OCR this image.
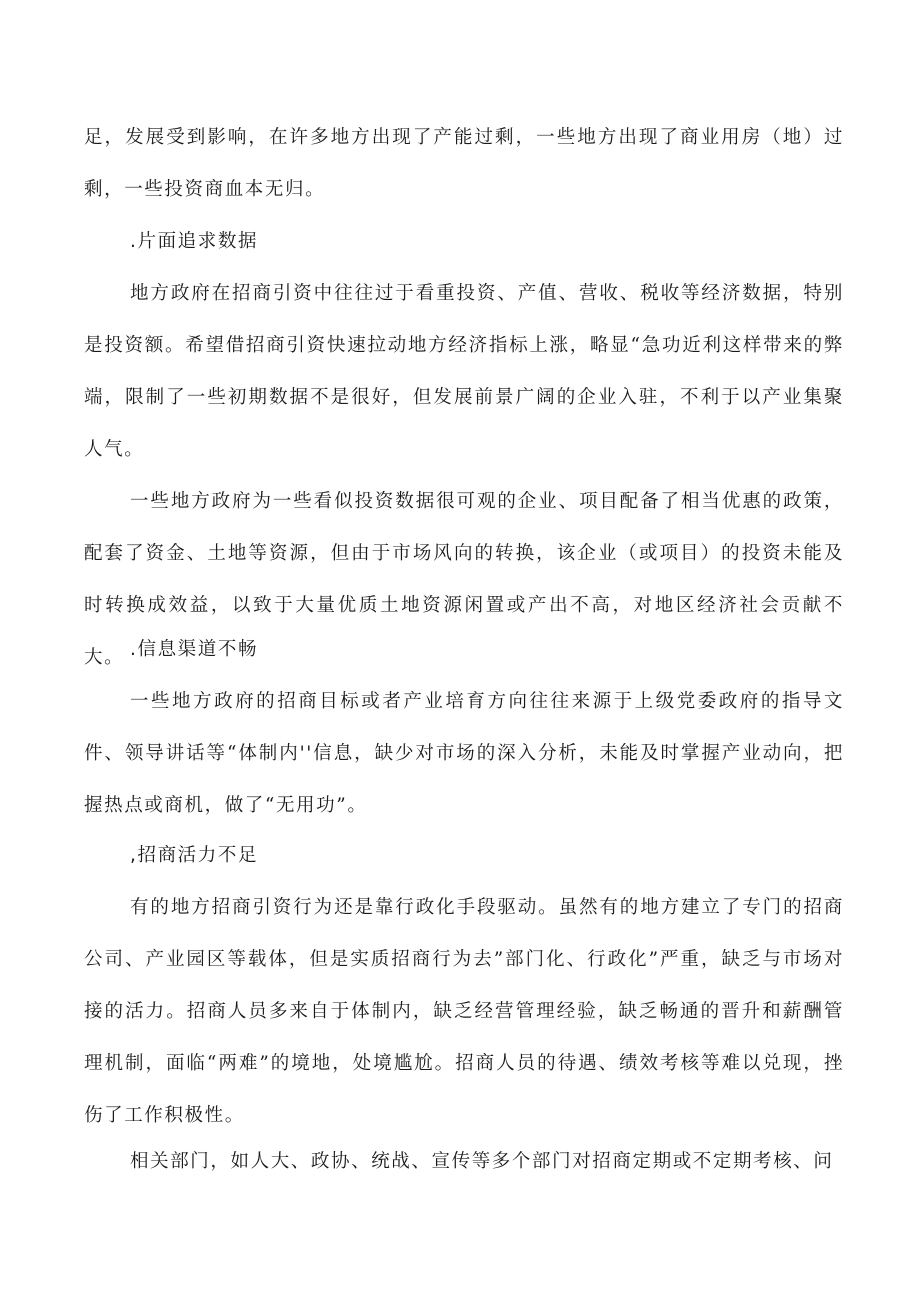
足，发展受到影响，在许多地方出现了产能过剩，一些地方出现了商业用房（地）过剩，一些投资商血本无归。

.片面追求数据

地方政府在招商引资中往往过于看重投资、产值、营收、税收等经济数据，特别是投资额。希望借招商引资快速拉动地方经济指标上涨，略显“急功近利这样带来的弊端，限制了一些初期数据不是很好，但发展前景广阔的企业入驻，不利于以产业集聚人气。

一些地方政府为一些看似投资数据很可观的企业、项目配备了相当优惠的政策，配套了资金、土地等资源，但由于市场风向的转换，该企业（或项目）的投资未能及时转换成效益，以致于大量优质土地资源闲置或产出不高，对地区经济社会贡献不大。 .信息渠道不畅

一些地方政府的招商目标或者产业培育方向往往来源于上级党委政府的指导文件、领导讲话等“体制内''信息，缺少对市场的深入分析，未能及时掌握产业动向，把握热点或商机，做了“无用功”。

,招商活力不足

有的地方招商引资行为还是靠行政化手段驱动。虽然有的地方建立了专门的招商公司、产业园区等载体，但是实质招商行为去”部门化、行政化”严重，缺乏与市场对接的活力。招商人员多来自于体制内，缺乏经营管理经验，缺乏畅通的晋升和薪酬管理机制，面临“两难”的境地，处境尴尬。招商人员的待遇、绩效考核等难以兑现，挫伤了工作积极性。

相关部门，如人大、政协、统战、宣传等多个部门对招商定期或不定期考核、问
